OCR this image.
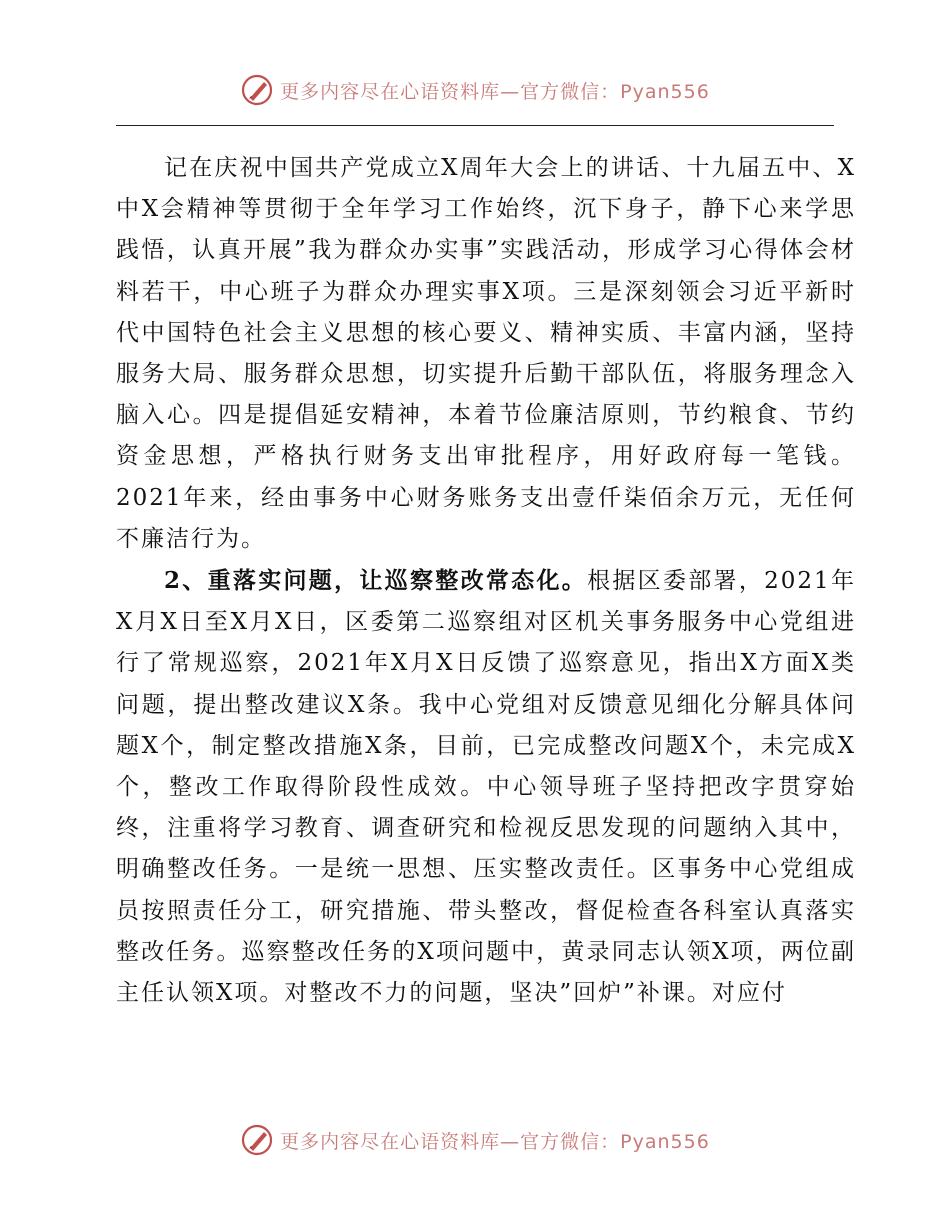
更多内容尽在心语资料库—官方微信：Pyan556

记在庆祝中国共产党成立X周年大会上的讲话、十九届五中、X中X会精神等贯彻于全年学习工作始终，沉下身子，静下心来学思践悟，认真开展”我为群众办实事”实践活动，形成学习心得体会材料若干，中心班子为群众办理实事X项。三是深刻领会习近平新时代中国特色社会主义思想的核心要义、精神实质、丰富内涵，坚持服务大局、服务群众思想，切实提升后勤干部队伍，将服务理念入脑入心。四是提倡延安精神，本着节俭廉洁原则，节约粮食、节约资金思想，严格执行财务支出审批程序，用好政府每一笔钱。2021年来，经由事务中心财务账务支出壹仟柒佰余万元，无任何不廉洁行为。

2、重落实问题，让巡察整改常态化。根据区委部署，2021年X月X日至X月X日，区委第二巡察组对区机关事务服务中心党组进行了常规巡察，2021年X月X日反馈了巡察意见，指出X方面X类问题，提出整改建议X条。我中心党组对反馈意见细化分解具体问题X个，制定整改措施X条，目前，已完成整改问题X个，未完成X个，整改工作取得阶段性成效。中心领导班子坚持把改字贯穿始终，注重将学习教育、调查研究和检视反思发现的问题纳入其中，明确整改任务。一是统一思想、压实整改责任。区事务中心党组成员按照责任分工，研究措施、带头整改，督促检查各科室认真落实整改任务。巡察整改任务的X项问题中，黄录同志认领X项，两位副主任认领X项。对整改不力的问题，坚决”回炉”补课。对应付

更多内容尽在心语资料库—官方微信：Pyan556
